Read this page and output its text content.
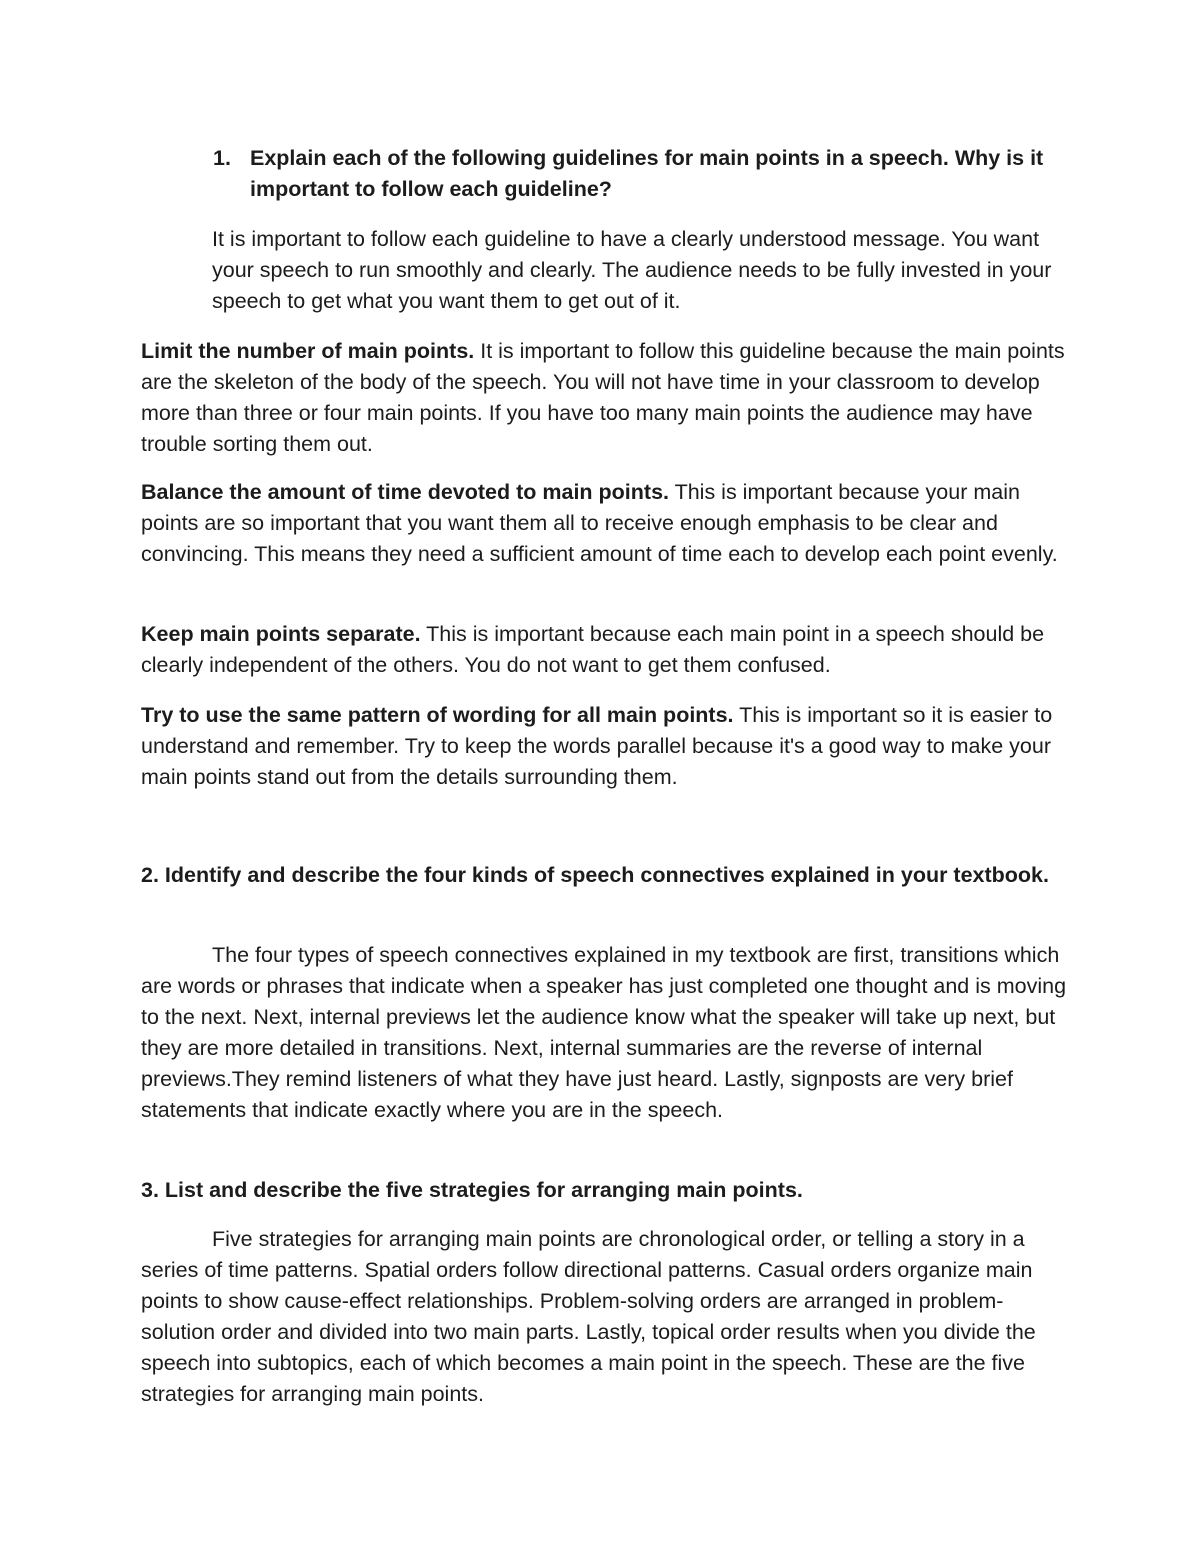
1. Explain each of the following guidelines for main points in a speech. Why is it important to follow each guideline?

It is important to follow each guideline to have a clearly understood message. You want your speech to run smoothly and clearly. The audience needs to be fully invested in your speech to get what you want them to get out of it.

Limit the number of main points. It is important to follow this guideline because the main points are the skeleton of the body of the speech. You will not have time in your classroom to develop more than three or four main points. If you have too many main points the audience may have trouble sorting them out.

Balance the amount of time devoted to main points. This is important because your main points are so important that you want them all to receive enough emphasis to be clear and convincing. This means they need a sufficient amount of time each to develop each point evenly.

Keep main points separate. This is important because each main point in a speech should be clearly independent of the others. You do not want to get them confused.

Try to use the same pattern of wording for all main points. This is important so it is easier to understand and remember. Try to keep the words parallel because it's a good way to make your main points stand out from the details surrounding them.

2. Identify and describe the four kinds of speech connectives explained in your textbook.

The four types of speech connectives explained in my textbook are first, transitions which are words or phrases that indicate when a speaker has just completed one thought and is moving to the next. Next, internal previews let the audience know what the speaker will take up next, but they are more detailed in transitions. Next, internal summaries are the reverse of internal previews.They remind listeners of what they have just heard. Lastly, signposts are very brief statements that indicate exactly where you are in the speech.

3. List and describe the five strategies for arranging main points.

Five strategies for arranging main points are chronological order, or telling a story in a series of time patterns. Spatial orders follow directional patterns. Casual orders organize main points to show cause-effect relationships. Problem-solving orders are arranged in problem-solution order and divided into two main parts. Lastly, topical order results when you divide the speech into subtopics, each of which becomes a main point in the speech. These are the five strategies for arranging main points.
